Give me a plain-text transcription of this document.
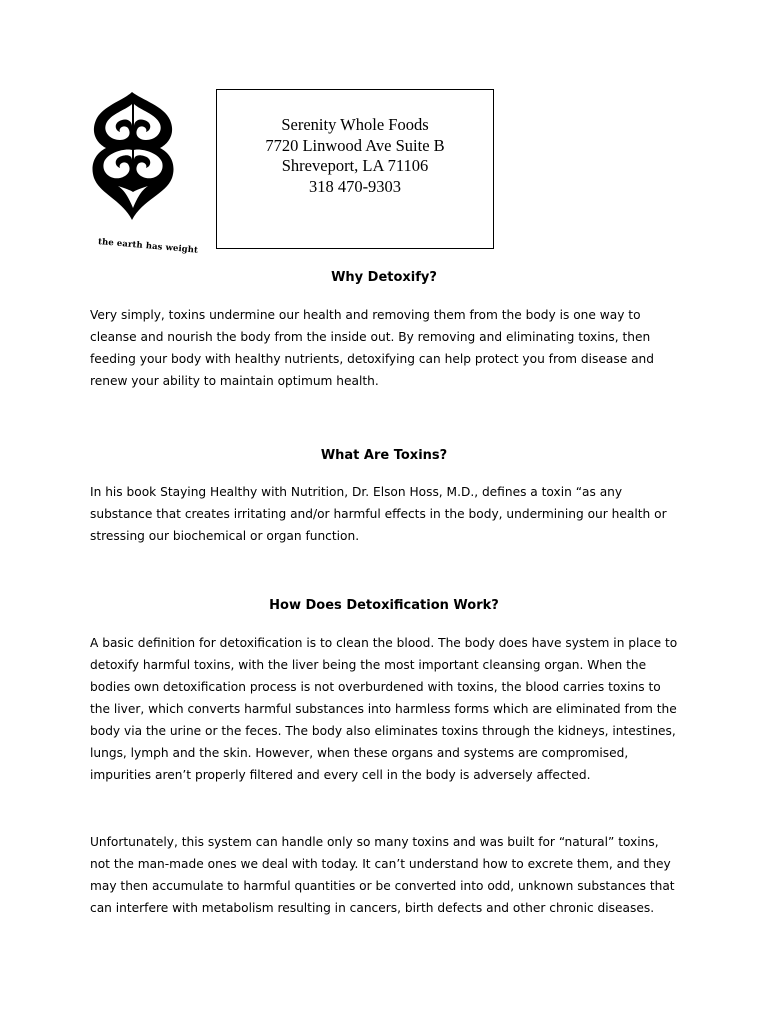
the earth has weight
Serenity Whole Foods
7720 Linwood Ave Suite B
Shreveport, LA 71106
318 470-9303
Why Detoxify?
Very simply, toxins undermine our health and removing them from the body is one way to
cleanse and nourish the body from the inside out. By removing and eliminating toxins, then
feeding your body with healthy nutrients, detoxifying can help protect you from disease and
renew your ability to maintain optimum health.
What Are Toxins?
In his book Staying Healthy with Nutrition, Dr. Elson Hoss, M.D., defines a toxin “as any
substance that creates irritating and/or harmful effects in the body, undermining our health or
stressing our biochemical or organ function.
How Does Detoxification Work?
A basic definition for detoxification is to clean the blood. The body does have system in place to
detoxify harmful toxins, with the liver being the most important cleansing organ. When the
bodies own detoxification process is not overburdened with toxins, the blood carries toxins to
the liver, which converts harmful substances into harmless forms which are eliminated from the
body via the urine or the feces. The body also eliminates toxins through the kidneys, intestines,
lungs, lymph and the skin. However, when these organs and systems are compromised,
impurities aren’t properly filtered and every cell in the body is adversely affected.
Unfortunately, this system can handle only so many toxins and was built for “natural” toxins,
not the man-made ones we deal with today. It can’t understand how to excrete them, and they
may then accumulate to harmful quantities or be converted into odd, unknown substances that
can interfere with metabolism resulting in cancers, birth defects and other chronic diseases.
